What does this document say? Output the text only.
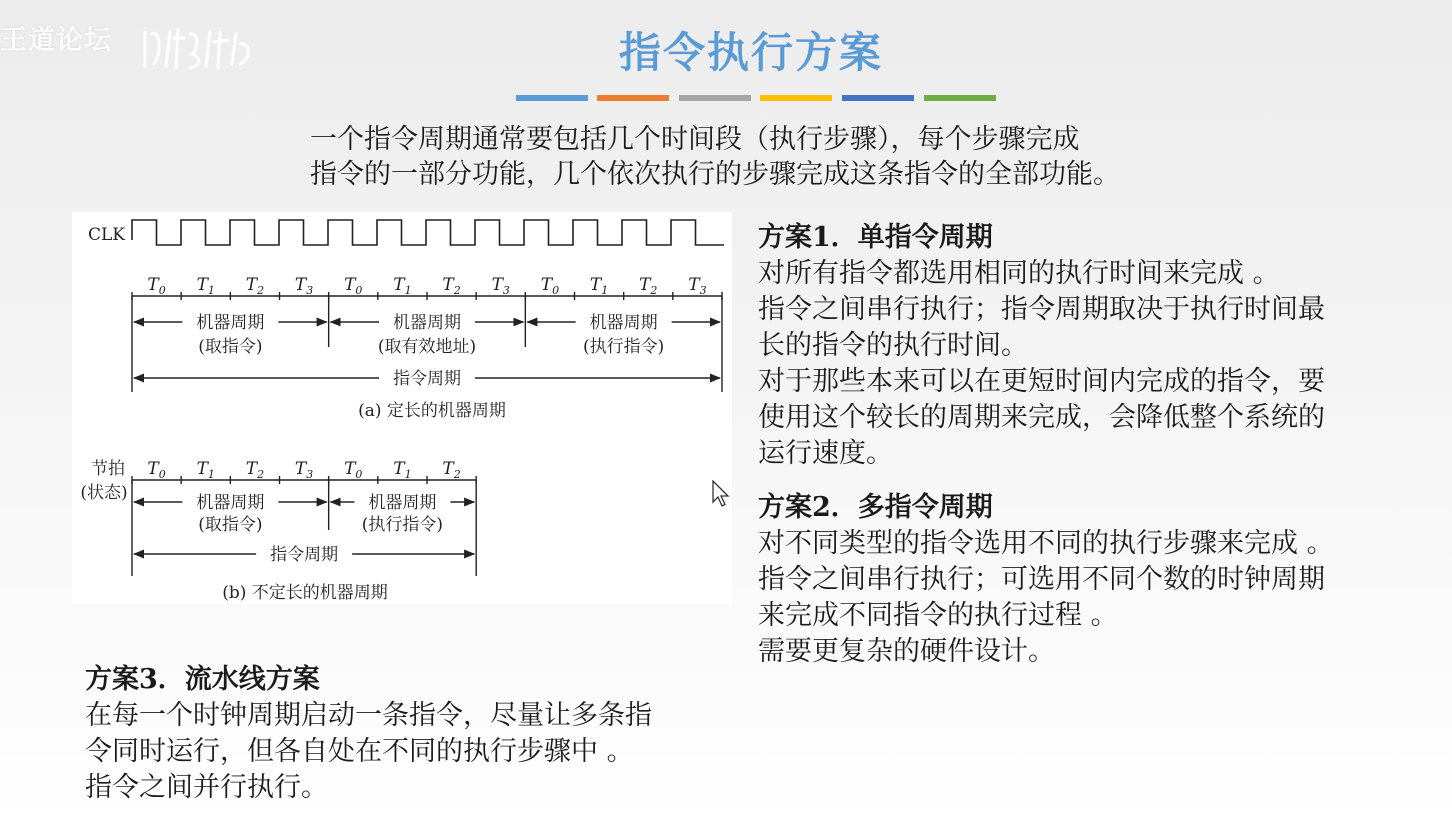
王道论坛	指令执行方案

一个指令周期通常要包括几个时间段（执行步骤），每个步骤完成

指令的一部分功能，几个依次执行的步骤完成这条指令的全部功能。

CLK
$T_0$ $T_1$ $T_2$ $T_3$ $T_0$ $T_1$ $T_2$ $T_3$ $T_0$ $T_1$ $T_2$ $T_3$
机器周期
(取指令)
机器周期
(取有效地址)
机器周期
(执行指令)
指令周期
(a) 定长的机器周期
节拍
(状态)
$T_0$ $T_1$ $T_2$ $T_3$ $T_0$ $T_1$ $T_2$
机器周期
(取指令)
机器周期
(执行指令)
指令周期
(b) 不定长的机器周期

方案1．单指令周期

对所有指令都选用相同的执行时间来完成 。

指令之间串行执行；指令周期取决于执行时间最

长的指令的执行时间。

对于那些本来可以在更短时间内完成的指令，要

使用这个较长的周期来完成，会降低整个系统的

运行速度。

方案2．多指令周期

对不同类型的指令选用不同的执行步骤来完成 。

指令之间串行执行；可选用不同个数的时钟周期

来完成不同指令的执行过程 。

需要更复杂的硬件设计。

方案3．流水线方案

在每一个时钟周期启动一条指令，尽量让多条指

令同时运行，但各自处在不同的执行步骤中 。

指令之间并行执行。
